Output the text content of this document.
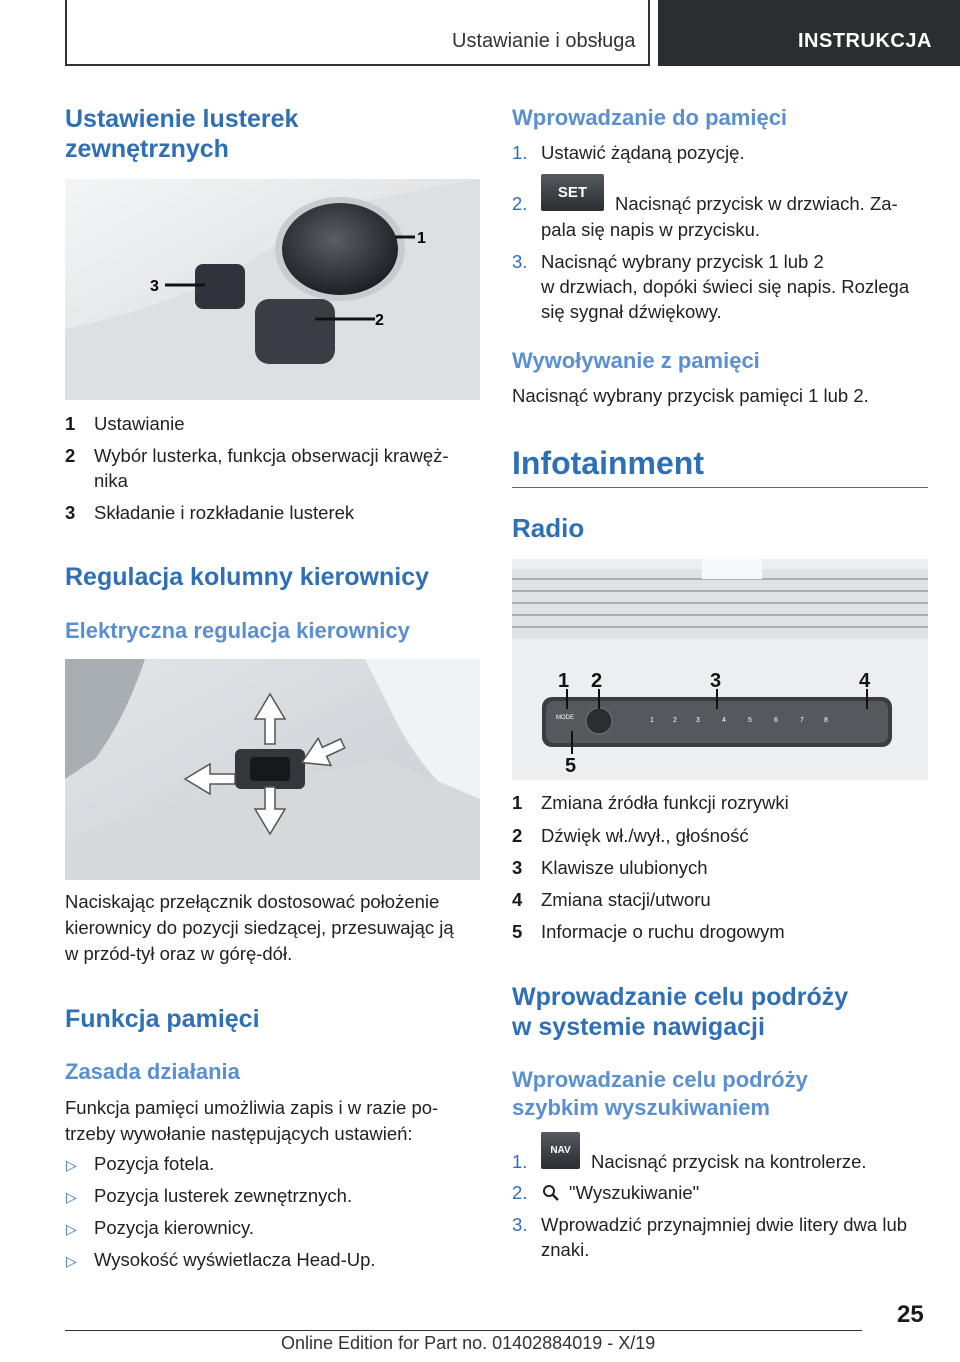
Ustawianie i obsługa	INSTRUKCJA
Ustawienie lusterek
zewnętrznych
1
2
3
1 Ustawianie
2 Wybór lusterka, funkcja obserwacji krawęż‐
nika
3 Składanie i rozkładanie lusterek
Regulacja kolumny kierownicy
Elektryczna regulacja kierownicy
Naciskając przełącznik dostosować położenie
kierownicy do pozycji siedzącej, przesuwając ją
w przód-tył oraz w górę-dół.
Funkcja pamięci
Zasada działania
Funkcja pamięci umożliwia zapis i w razie po‐
trzeby wywołanie następujących ustawień:
▷ Pozycja fotela.
▷ Pozycja lusterek zewnętrznych.
▷ Pozycja kierownicy.
▷ Wysokość wyświetlacza Head-Up.
Wprowadzanie do pamięci
1. Ustawić żądaną pozycję.
2.
SET
Nacisnąć przycisk w drzwiach. Za‐
pala się napis w przycisku.
3. Nacisnąć wybrany przycisk 1 lub 2
w drzwiach, dopóki świeci się napis. Rozlega
się sygnał dźwiękowy.
Wywoływanie z pamięci
Nacisnąć wybrany przycisk pamięci 1 lub 2.
Infotainment
Radio
MODE	1	2	3	4	5	6	7	8
1 2	3	4
5
1 Zmiana źródła funkcji rozrywki
2 Dźwięk wł./wył., głośność
3 Klawisze ulubionych
4 Zmiana stacji/utworu
5 Informacje o ruchu drogowym
Wprowadzanie celu podróży
w systemie nawigacji
Wprowadzanie celu podróży
szybkim wyszukiwaniem
1.
NAV
Nacisnąć przycisk na kontrolerze.
2. "Wyszukiwanie"
3. Wprowadzić przynajmniej dwie litery dwa lub
znaki.
25
Online Edition for Part no. 01402884019 - X/19
